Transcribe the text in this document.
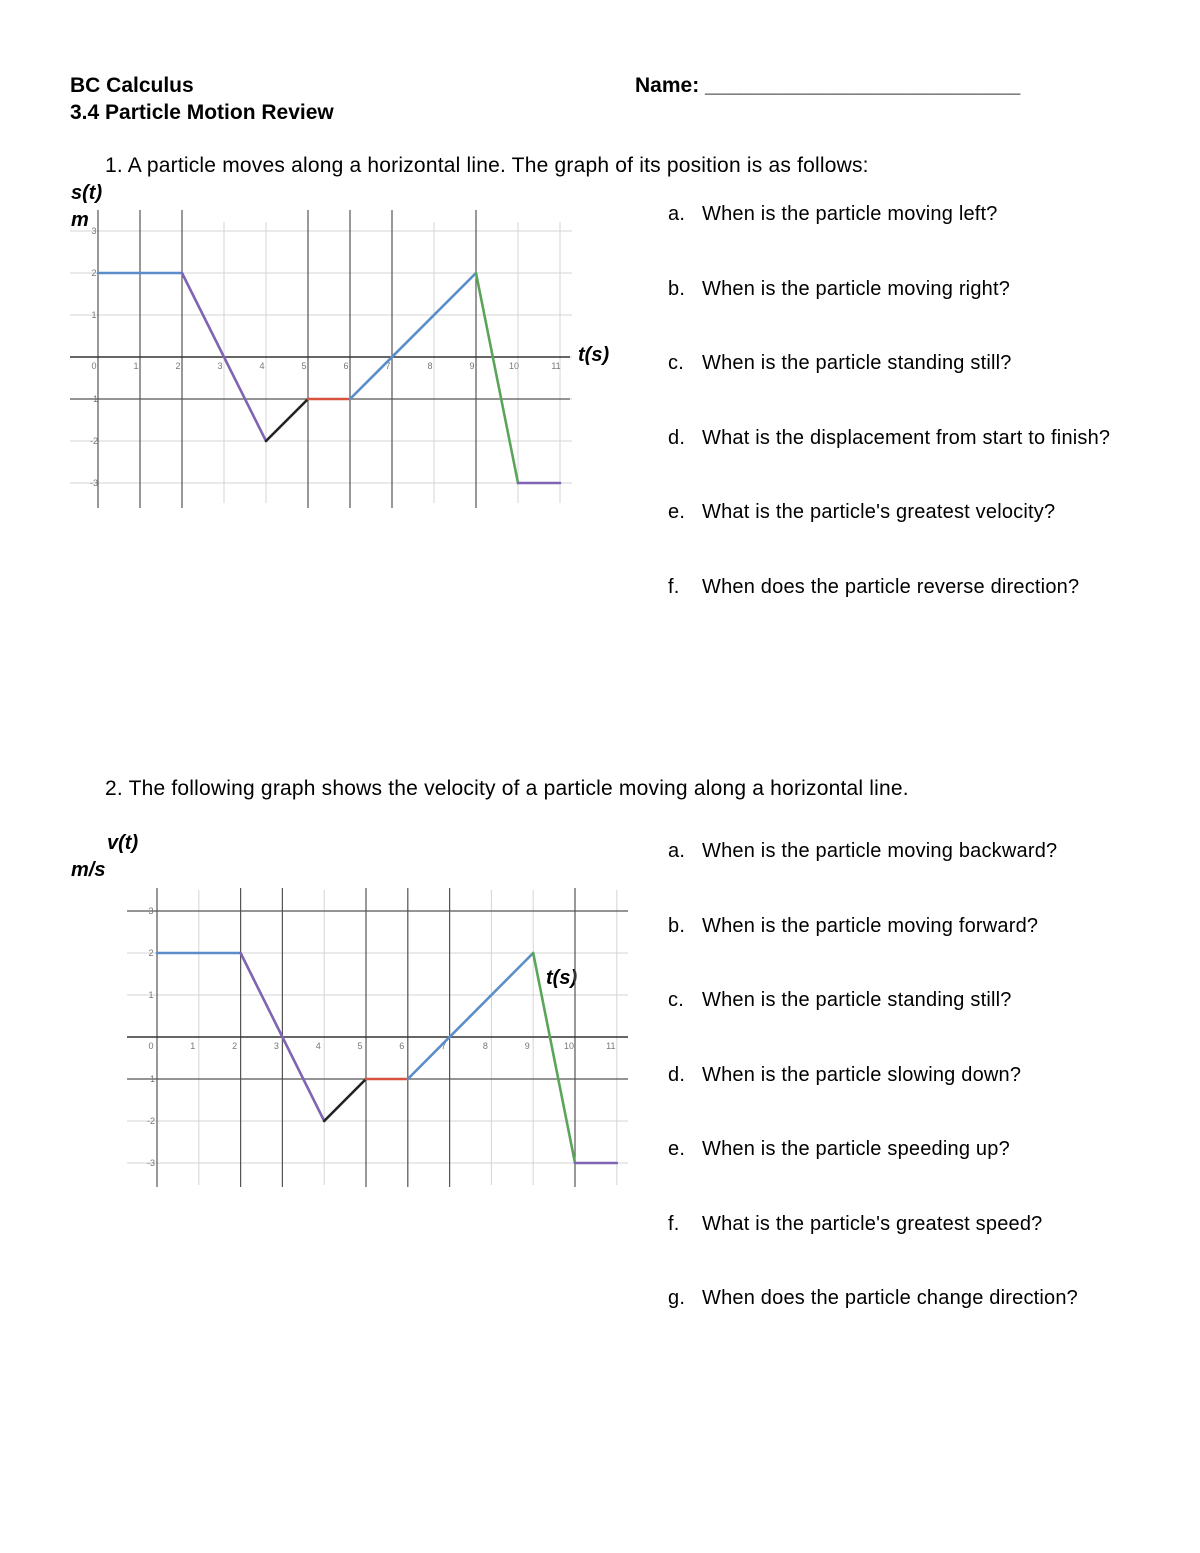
BC Calculus
3.4 Particle Motion Review
Name: ___________________________
1. A particle moves along a horizontal line. The graph of its position is as follows:
s(t)
m
t(s)
0	1	2	3	4	5	6	7	8	9	10	11
3
2
1
-1
-2
-3
a. When is the particle moving left?
b. When is the particle moving right?
c. When is the particle standing still?
d. What is the displacement from start to finish?
e. What is the particle's greatest velocity?
f. When does the particle reverse direction?
2. The following graph shows the velocity of a particle moving along a horizontal line.
v(t)
m/s
t(s)
0	1	2	3	4	5	6	7	8	9	10	11
3
2
1
-1
-2
-3
a. When is the particle moving backward?
b. When is the particle moving forward?
c. When is the particle standing still?
d. When is the particle slowing down?
e. When is the particle speeding up?
f. What is the particle's greatest speed?
g. When does the particle change direction?
